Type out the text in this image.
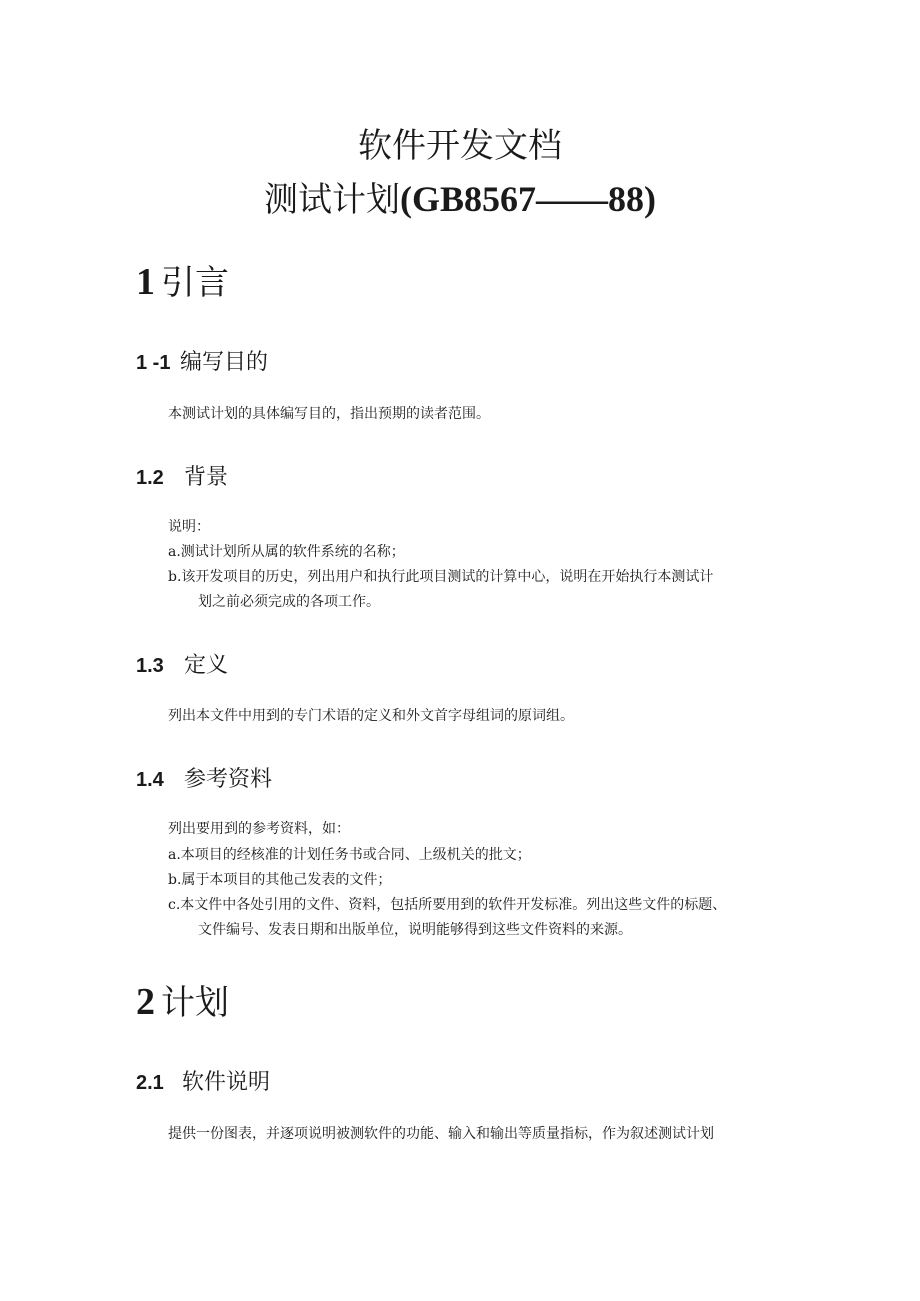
软件开发文档
测试计划(GB8567——88)
1 引言
1 -1 编写目的
本测试计划的具体编写目的，指出预期的读者范围。
1.2 背景
说明：
a.测试计划所从属的软件系统的名称；
b.该开发项目的历史，列出用户和执行此项目测试的计算中心，说明在开始执行本测试计
划之前必须完成的各项工作。
1.3 定义
列出本文件中用到的专门术语的定义和外文首字母组词的原词组。
1.4 参考资料
列出要用到的参考资料，如：
a.本项目的经核准的计划任务书或合同、上级机关的批文；
b.属于本项目的其他己发表的文件；
c.本文件中各处引用的文件、资料，包括所要用到的软件开发标准。列出这些文件的标题、
文件编号、发表日期和出版单位，说明能够得到这些文件资料的来源。
2 计划
2.1 软件说明
提供一份图表，并逐项说明被测软件的功能、输入和输出等质量指标，作为叙述测试计划
